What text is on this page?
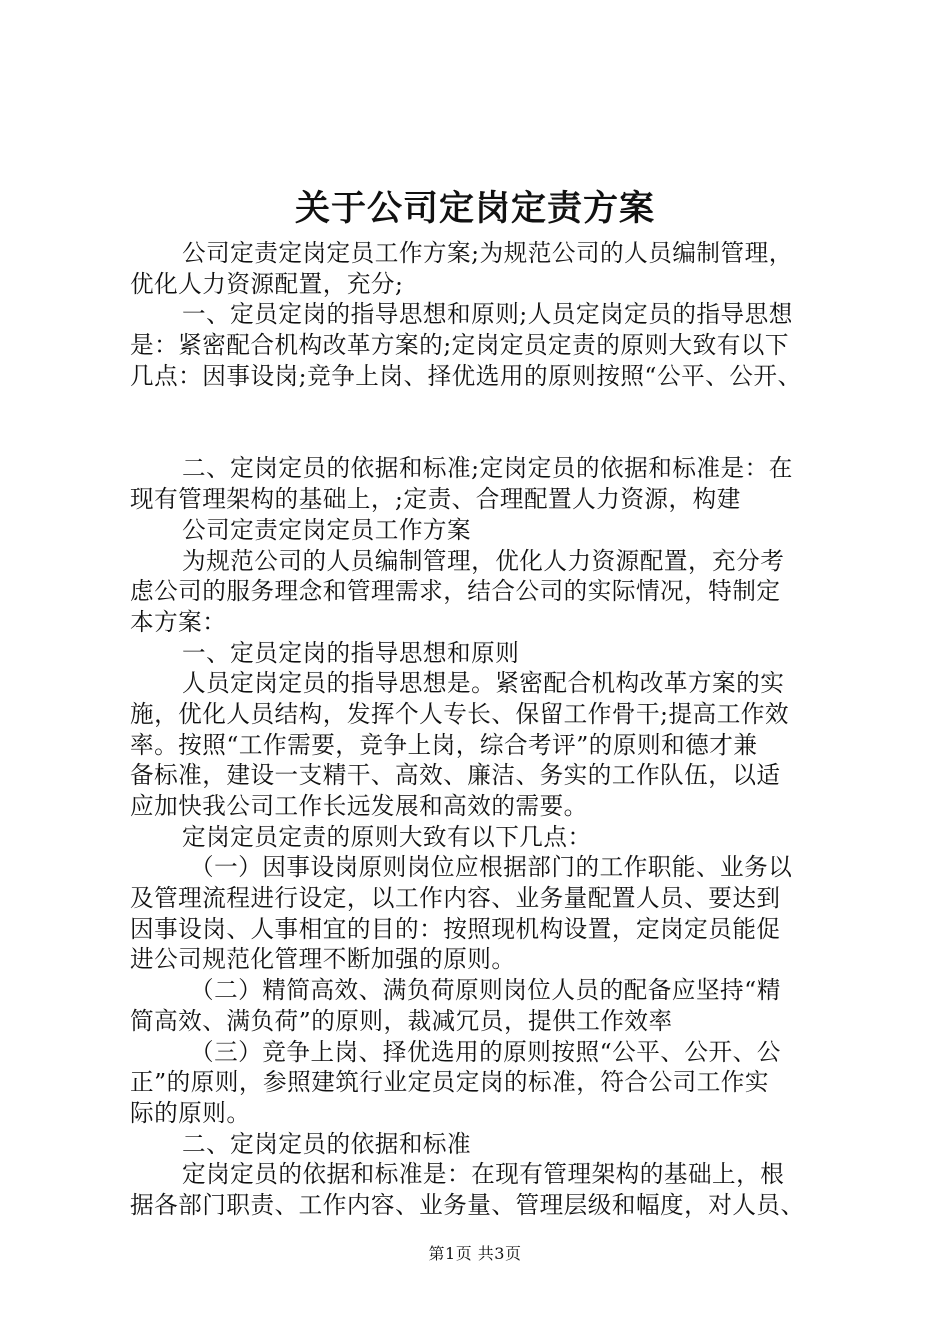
关于公司定岗定责方案
公司定责定岗定员工作方案;为规范公司的人员编制管理，
优化人力资源配置，充分;
一、定员定岗的指导思想和原则;人员定岗定员的指导思想
是：紧密配合机构改革方案的;定岗定员定责的原则大致有以下
几点：因事设岗;竞争上岗、择优选用的原则按照“公平、公开、
二、定岗定员的依据和标准;定岗定员的依据和标准是：在
现有管理架构的基础上，;定责、合理配置人力资源，构建
公司定责定岗定员工作方案
为规范公司的人员编制管理，优化人力资源配置，充分考
虑公司的服务理念和管理需求，结合公司的实际情况，特制定
本方案：
一、定员定岗的指导思想和原则
人员定岗定员的指导思想是。紧密配合机构改革方案的实
施，优化人员结构，发挥个人专长、保留工作骨干;提高工作效
率。按照“工作需要，竞争上岗，综合考评”的原则和德才兼
备标准，建设一支精干、高效、廉洁、务实的工作队伍，以适
应加快我公司工作长远发展和高效的需要。
定岗定员定责的原则大致有以下几点：
（一）因事设岗原则岗位应根据部门的工作职能、业务以
及管理流程进行设定，以工作内容、业务量配置人员、要达到
因事设岗、人事相宜的目的：按照现机构设置，定岗定员能促
进公司规范化管理不断加强的原则。
（二）精简高效、满负荷原则岗位人员的配备应坚持“精
简高效、满负荷”的原则，裁减冗员，提供工作效率
（三）竞争上岗、择优选用的原则按照“公平、公开、公
正”的原则，参照建筑行业定员定岗的标准，符合公司工作实
际的原则。
二、定岗定员的依据和标准
定岗定员的依据和标准是：在现有管理架构的基础上，根
据各部门职责、工作内容、业务量、管理层级和幅度，对人员、
第1页 共3页
